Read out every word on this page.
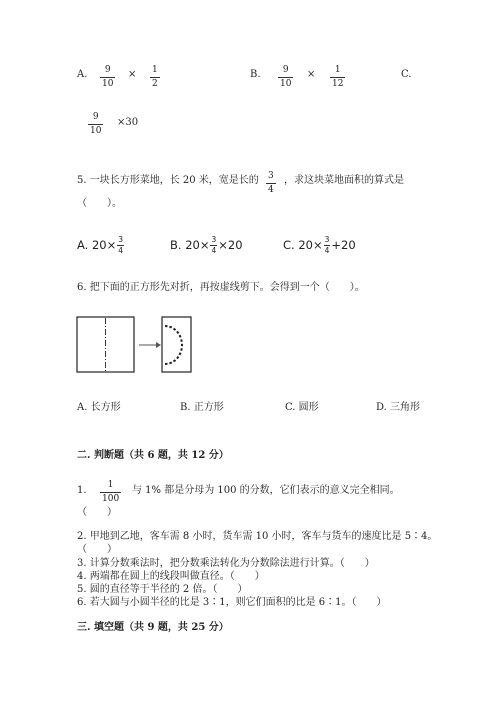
A. 9
10
× 1
2
B. 9
10
× 1
12
C.
9
10
×30
5. 一块长方形菜地，长 20 米，宽是长的 3
4
，求这块菜地面积的算式是
（　　）。
A. $20\times \frac{3}{4}$	B. $20\times \frac{3}{4} \times 20$	C. $20\times \frac{3}{4} +20$
6. 把下面的正方形先对折，再按虚线剪下。会得到一个（　　）。
A. 长方形	B. 正方形	C. 圆形	D. 三角形
二. 判断题（共 6 题，共 12 分）
1. 1
100
与 1% 都是分母为 100 的分数，它们表示的意义完全相同。
（　　）
2. 甲地到乙地，客车需 8 小时，货车需 10 小时，客车与货车的速度比是 5∶4。
（　　）
3. 计算分数乘法时，把分数乘法转化为分数除法进行计算。（　　）
4. 两端都在圆上的线段叫做直径。（　　）
5. 圆的直径等于半径的 2 倍。（　　）
6. 若大圆与小圆半径的比是 3∶1，则它们面积的比是 6∶1。（　　）
三. 填空题（共 9 题，共 25 分）
